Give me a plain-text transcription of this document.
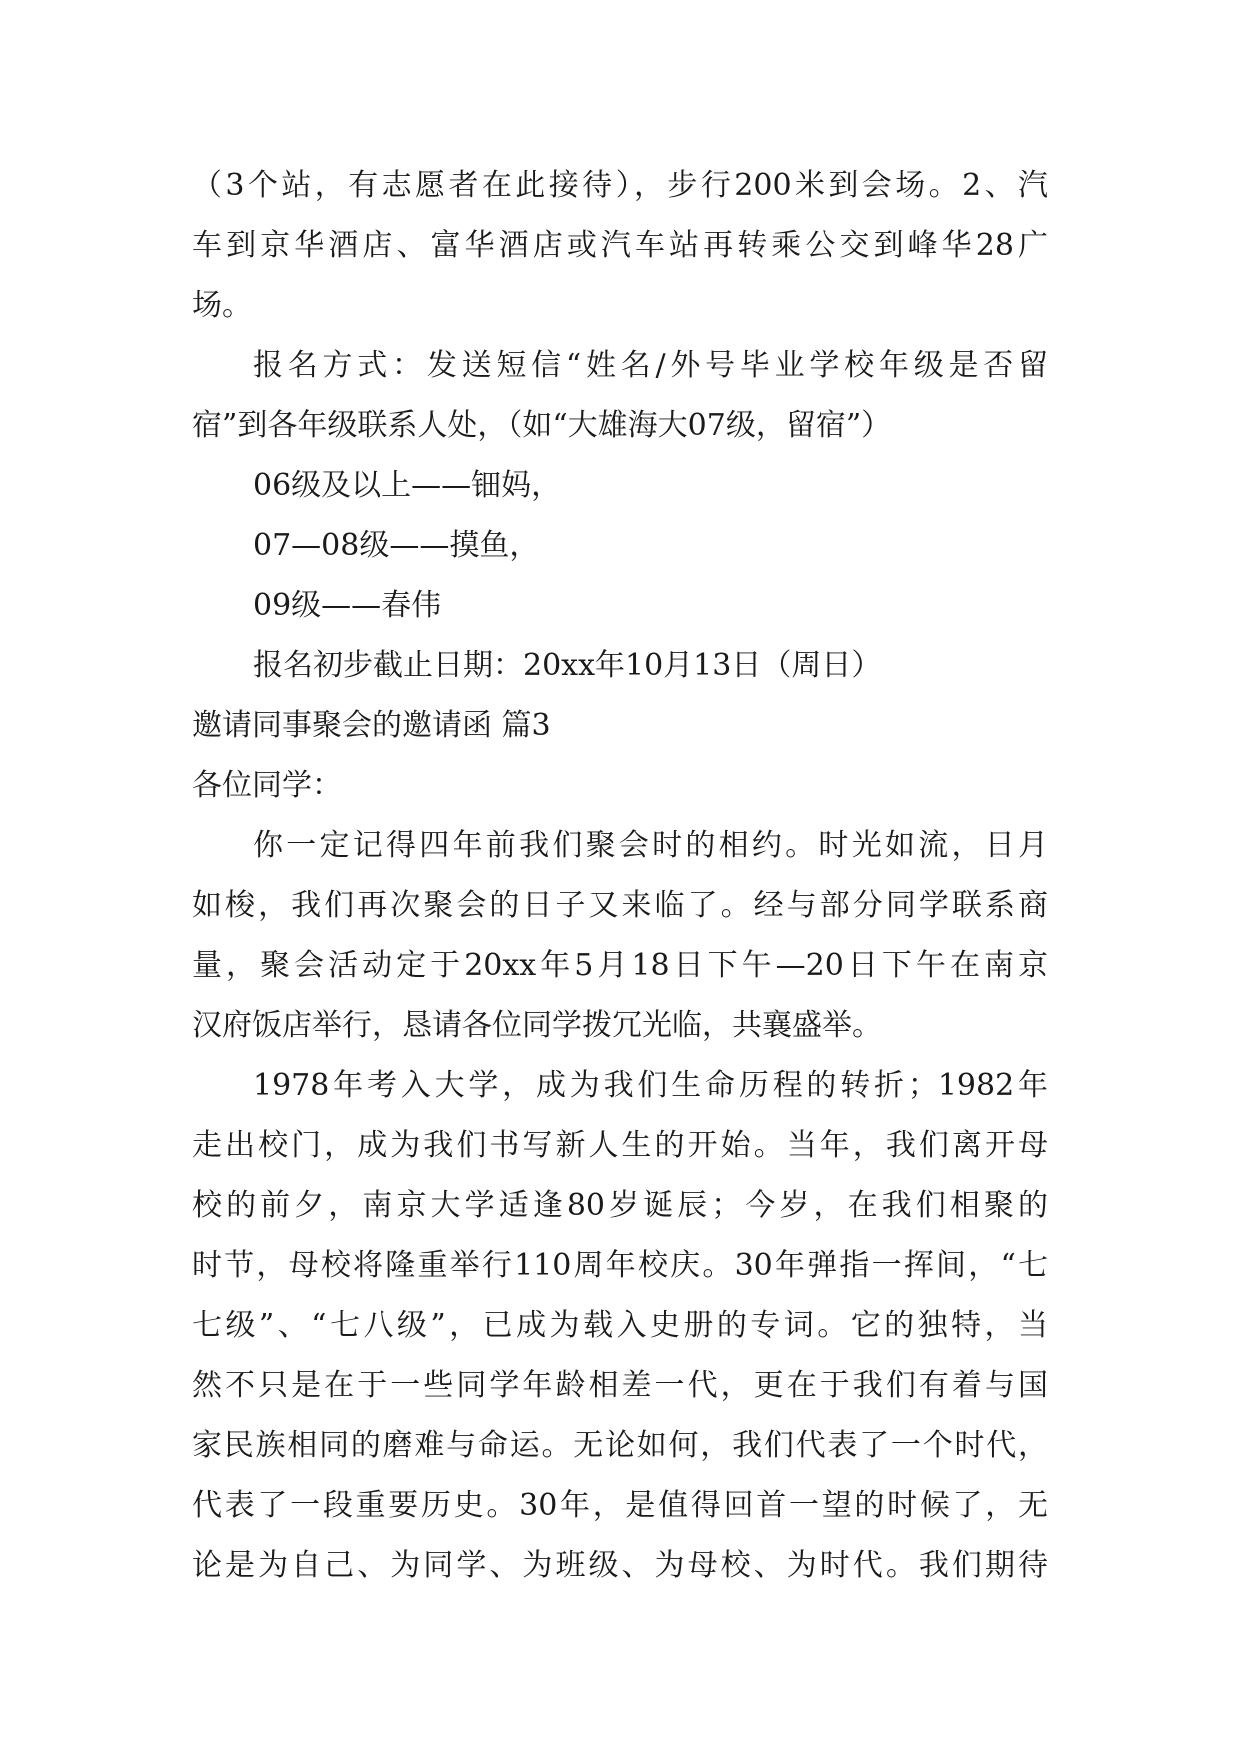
（3个站，有志愿者在此接待），步行200米到会场。2、汽
车到京华酒店、富华酒店或汽车站再转乘公交到峰华28广
场。
报名方式：发送短信“姓名/外号毕业学校年级是否留
宿”到各年级联系人处，（如“大雄海大07级，留宿”）
06级及以上——钿妈，
07—08级——摸鱼，
09级——春伟
报名初步截止日期：20xx年10月13日（周日）
邀请同事聚会的邀请函 篇3
各位同学：
你一定记得四年前我们聚会时的相约。时光如流，日月
如梭，我们再次聚会的日子又来临了。经与部分同学联系商
量，聚会活动定于20xx年5月18日下午—20日下午在南京
汉府饭店举行，恳请各位同学拨冗光临，共襄盛举。
1978年考入大学，成为我们生命历程的转折；1982年
走出校门，成为我们书写新人生的开始。当年，我们离开母
校的前夕，南京大学适逢80岁诞辰；今岁，在我们相聚的
时节，母校将隆重举行110周年校庆。30年弹指一挥间，“七
七级”、“七八级”，已成为载入史册的专词。它的独特，当
然不只是在于一些同学年龄相差一代，更在于我们有着与国
家民族相同的磨难与命运。无论如何，我们代表了一个时代，
代表了一段重要历史。30年，是值得回首一望的时候了，无
论是为自己、为同学、为班级、为母校、为时代。我们期待
